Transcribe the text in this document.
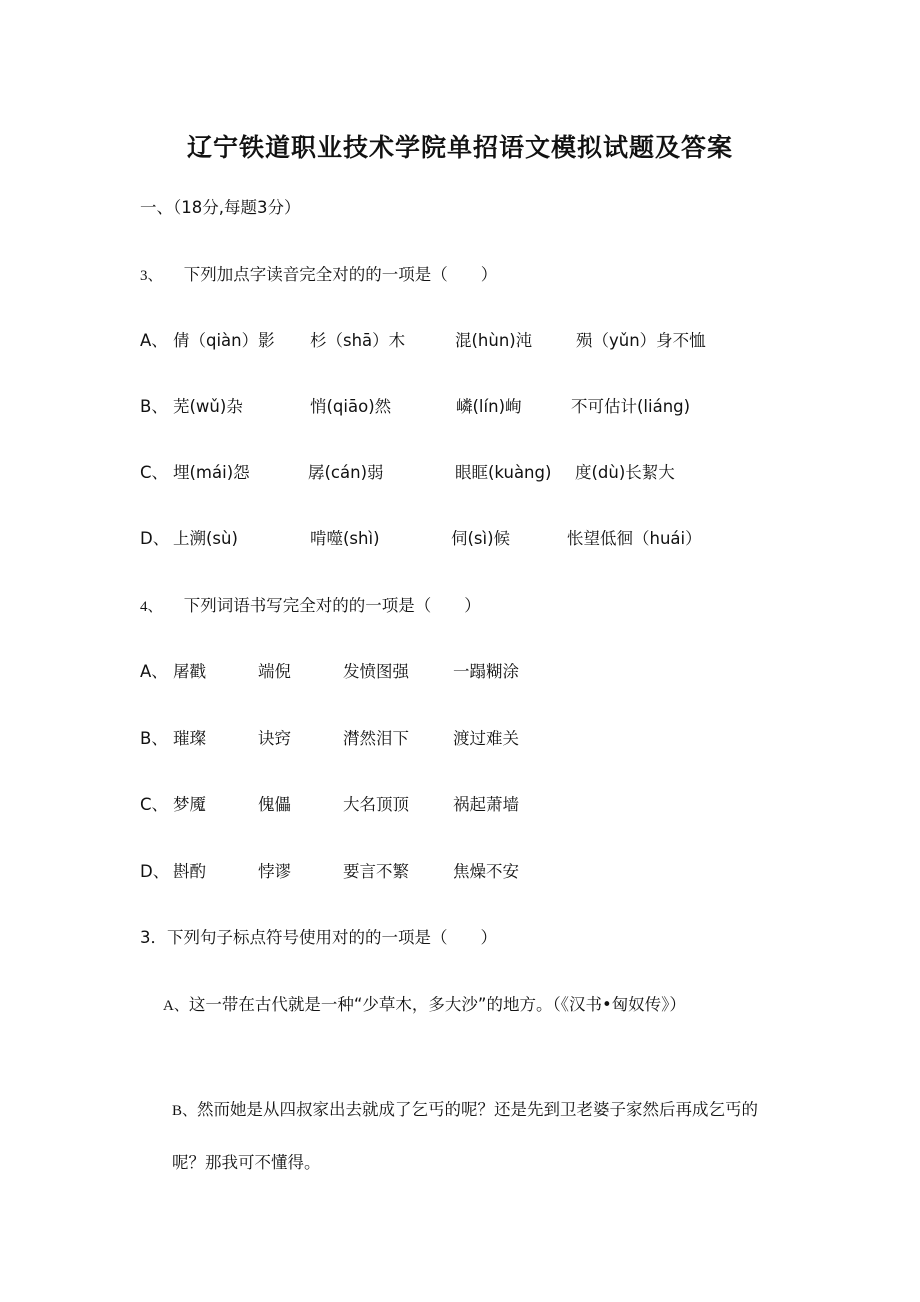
辽宁铁道职业技术学院单招语文模拟试题及答案
一、（18分,每题3分）
3、 下列加点字读音完全对的的一项是（　　）
A、 倩（qiàn）影 杉（shā）木	混(hùn)沌	殒（yǔn）身不恤
B、 芜(wǔ)杂	悄(qiāo)然	嶙(lín)峋	不可估计(liáng)
C、 埋(mái)怨	孱(cán)弱	眼眶(kuàng) 度(dù)长絜大
D、 上溯(sù)	啃噬(shì)	伺(sì)候	怅望低徊（huái）
4、 下列词语书写完全对的的一项是（　　）
A、 屠戳	端倪	发愤图强	一蹋糊涂
B、 璀璨	诀窍	潸然泪下	渡过难关
C、 梦魇	傀儡	大名顶顶	祸起萧墙
D、 斟酌	悖谬	要言不繁	焦燥不安
3．下列句子标点符号使用对的的一项是（　　）
A、这一带在古代就是一种“少草木，多大沙”的地方。（《汉书•匈奴传》）
B、然而她是从四叔家出去就成了乞丐的呢？还是先到卫老婆子家然后再成乞丐的
呢？那我可不懂得。
